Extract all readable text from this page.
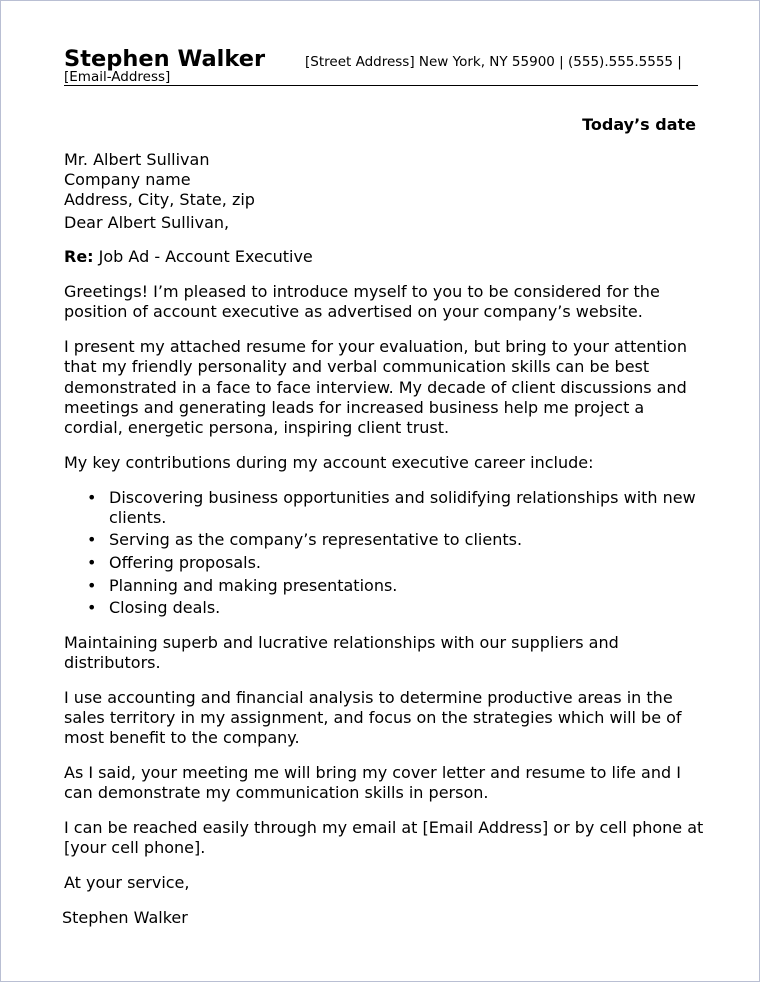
Stephen Walker	[Street Address] New York, NY 55900 | (555).555.5555 |
[Email-Address]
Today’s date
Mr. Albert Sullivan
Company name
Address, City, State, zip

Dear Albert Sullivan,

Re: Job Ad - Account Executive

Greetings! I’m pleased to introduce myself to you to be considered for the position of account executive as advertised on your company’s website.

I present my attached resume for your evaluation, but bring to your attention that my friendly personality and verbal communication skills can be best demonstrated in a face to face interview. My decade of client discussions and meetings and generating leads for increased business help me project a cordial, energetic persona, inspiring client trust.

My key contributions during my account executive career include:

• Discovering business opportunities and solidifying relationships with new clients.
• Serving as the company’s representative to clients.
• Offering proposals.
• Planning and making presentations.
• Closing deals.

Maintaining superb and lucrative relationships with our suppliers and distributors.

I use accounting and financial analysis to determine productive areas in the sales territory in my assignment, and focus on the strategies which will be of most benefit to the company.

As I said, your meeting me will bring my cover letter and resume to life and I can demonstrate my communication skills in person.

I can be reached easily through my email at [Email Address] or by cell phone at [your cell phone].

At your service,

Stephen Walker
